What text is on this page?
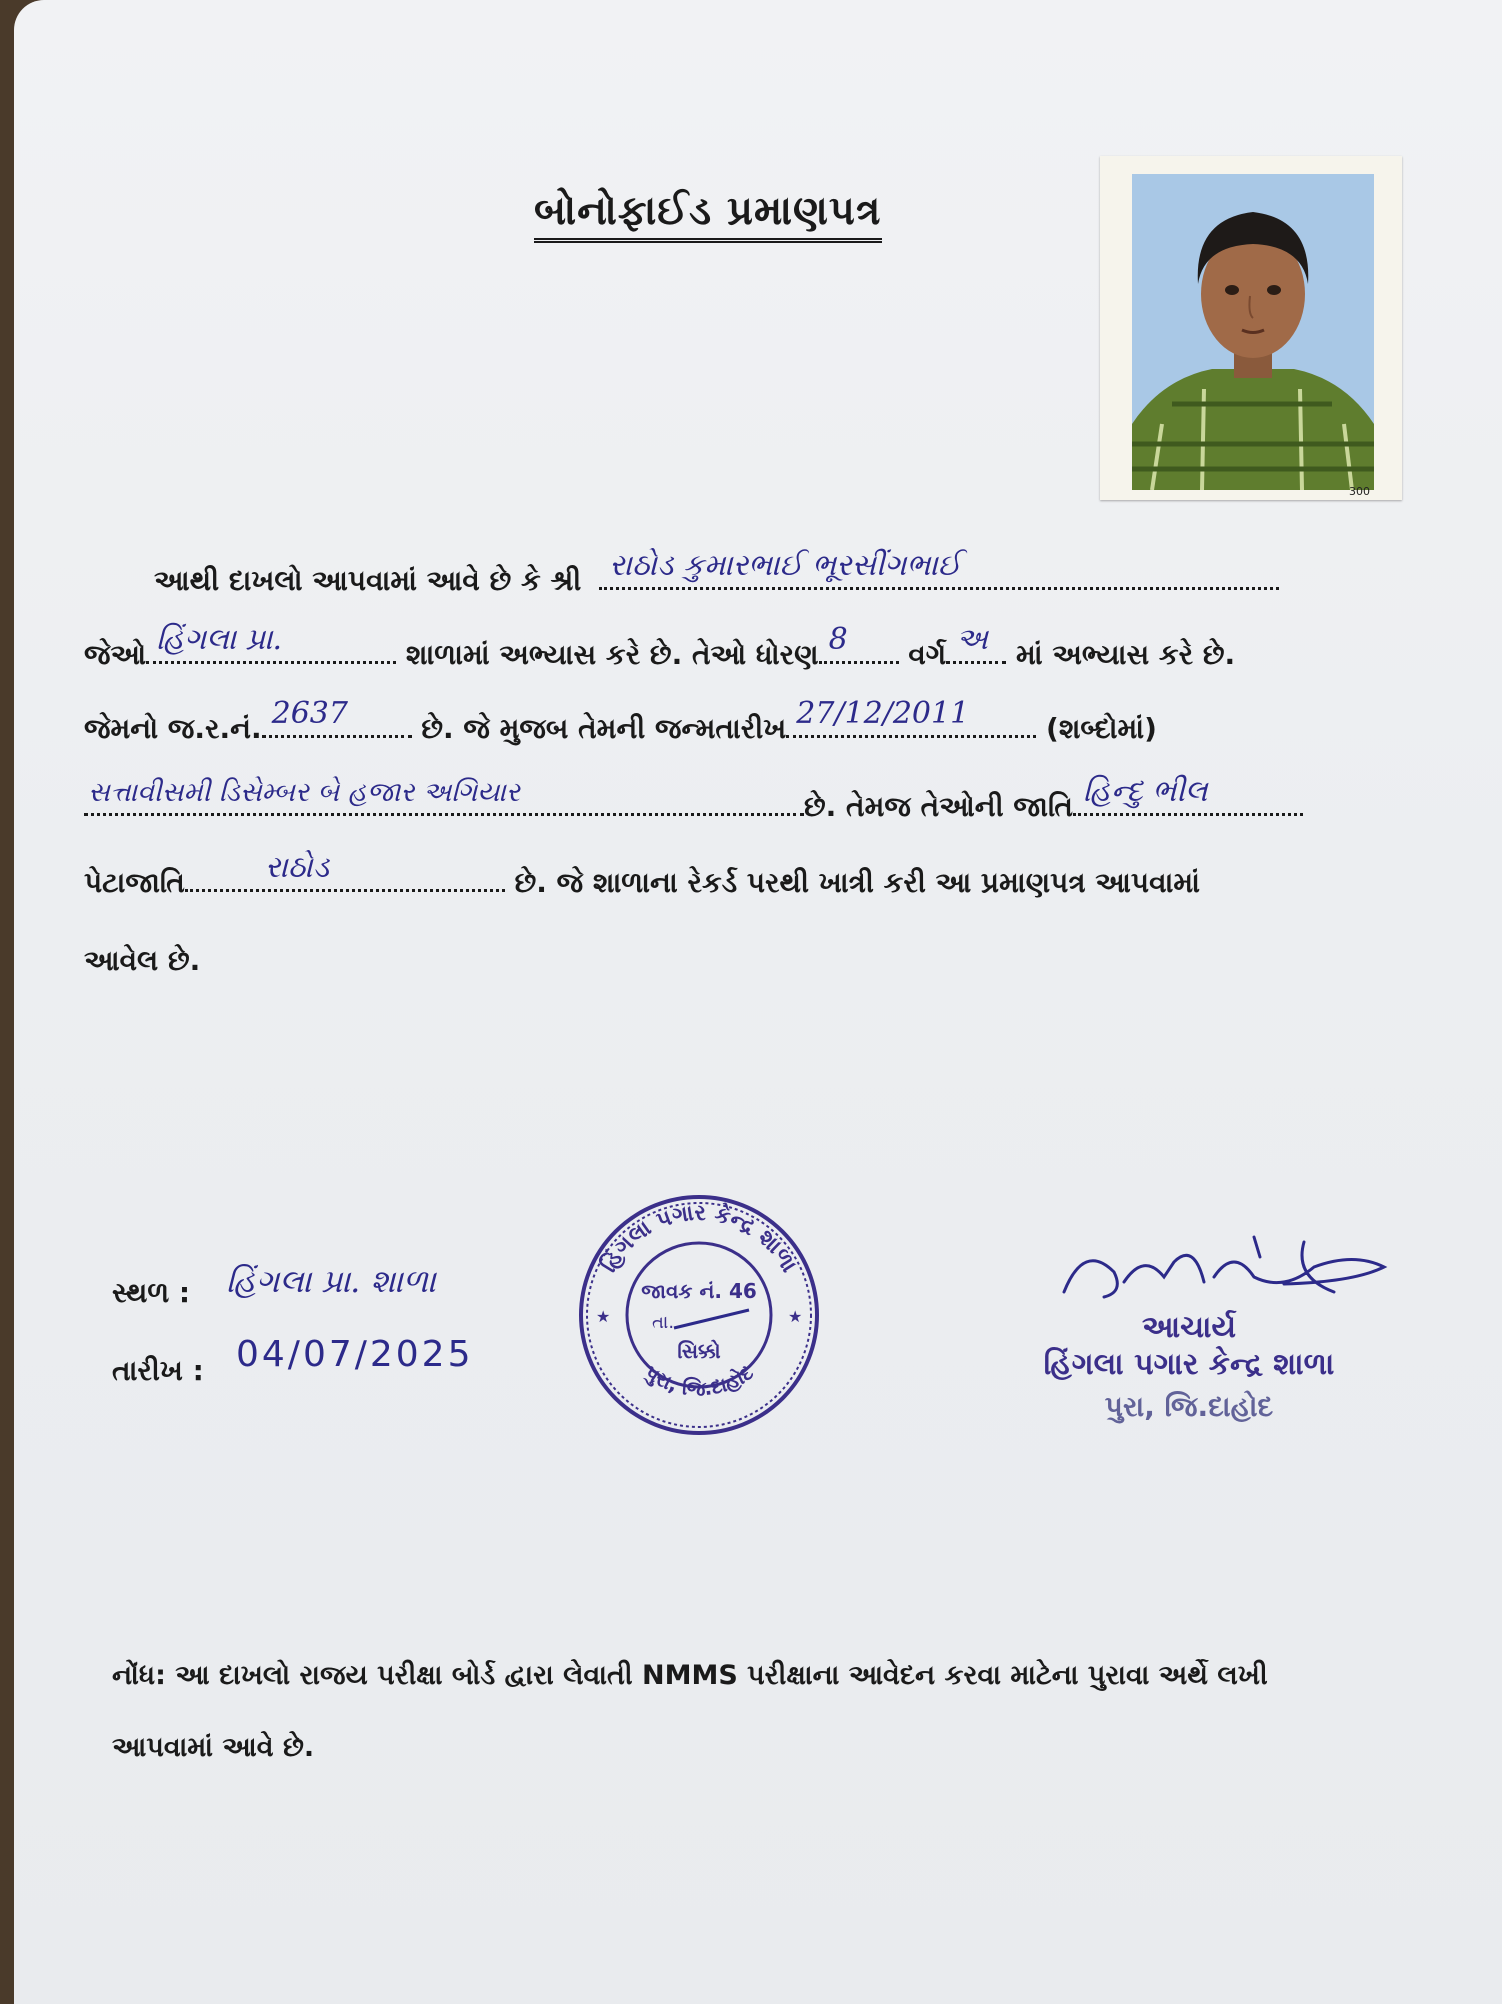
બોનોફાઈડ પ્રમાણપત્ર
300
આથી દાખલો આપવામાં આવે છે કે શ્રી રાઠોડ કુમારભાઈ ભૂરસીંગભાઈ
જેઓ હિંગલા પ્રા.	શાળામાં અભ્યાસ કરે છે. તેઓ ધોરણ 8 વર્ગ અ માં અભ્યાસ કરે છે.
જેમનો જ.ર.નં. 2637	છે. જે મુજબ તેમની જન્મતારીખ 27/12/2011	(શબ્દોમાં)
સત્તાવીસમી ડિસેમ્બર બે હજાર અગિયાર	છે. તેમજ તેઓની જાતિ હિન્દુ ભીલ
પેટાજાતિ	રાઠોડ	છે. જે શાળાના રેકર્ડ પરથી ખાત્રી કરી આ પ્રમાણપત્ર આપવામાં
આવેલ છે.
સ્થળ : હિંગલા પ્રા. શાળા
તારીખ : 04/07/2025
હિંગલા પગાર કેન્દ્ર શાળા
પુરા, જિ.દાહોદ
જાવક નં. 46
તા.
સિક્કો
★	★	આચાર્ય
હિંગલા પગાર કેન્દ્ર શાળા
પુરા, જિ.દાહોદ
નોંધ: આ દાખલો રાજય પરીક્ષા બોર્ડ દ્વારા લેવાતી NMMS પરીક્ષાના આવેદન કરવા માટેના પુરાવા અર્થે લખી આપવામાં આવે છે.
